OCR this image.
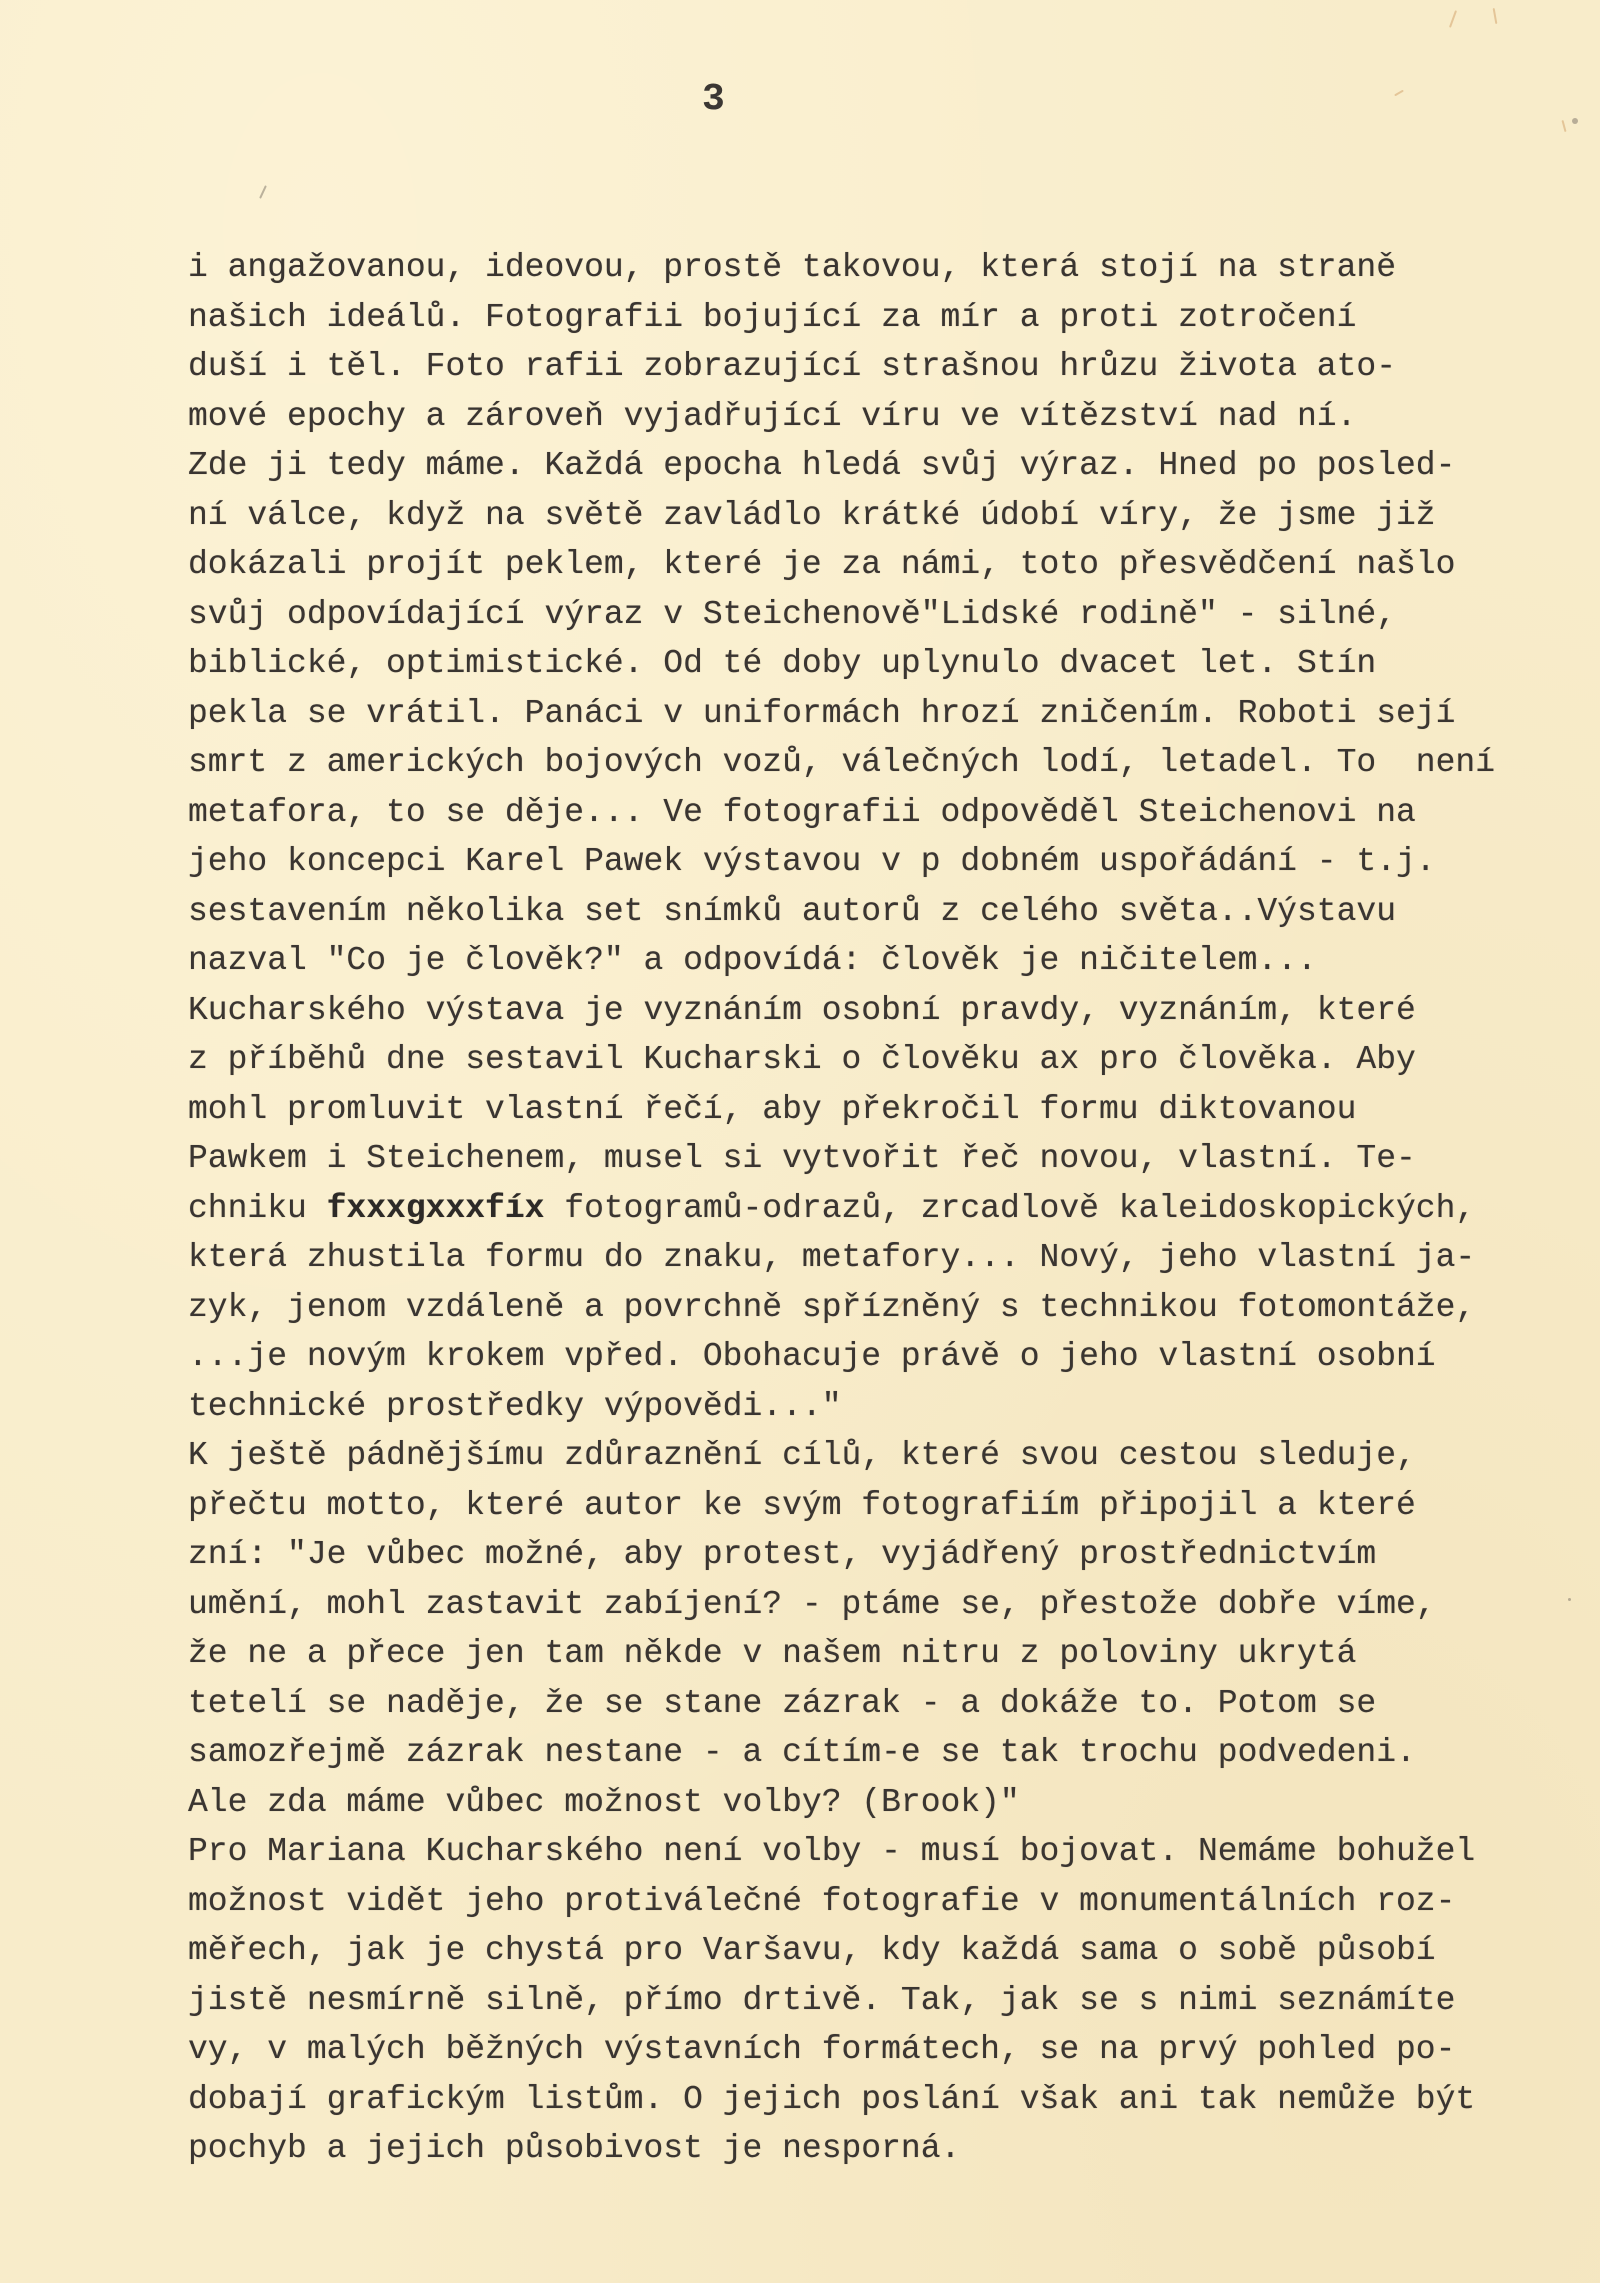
3
i angažovanou, ideovou, prostě takovou, která stojí na straně
našich ideálů. Fotografii bojující za mír a proti zotročení
duší i těl. Foto rafii zobrazující strašnou hrůzu života ato-
mové epochy a zároveň vyjadřující víru ve vítězství nad ní.
Zde ji tedy máme. Každá epocha hledá svůj výraz. Hned po posled-
ní válce, když na světě zavládlo krátké údobí víry, že jsme již
dokázali projít peklem, které je za námi, toto přesvědčení našlo
svůj odpovídající výraz v Steichenově"Lidské rodině" - silné,
biblické, optimistické. Od té doby uplynulo dvacet let. Stín
pekla se vrátil. Panáci v uniformách hrozí zničením. Roboti sejí
smrt z amerických bojových vozů, válečných lodí, letadel. To  není
metafora, to se děje... Ve fotografii odpověděl Steichenovi na
jeho koncepci Karel Pawek výstavou v p dobném uspořádání - t.j.
sestavením několika set snímků autorů z celého světa..Výstavu
nazval "Co je člověk?" a odpovídá: člověk je ničitelem...
Kucharského výstava je vyznáním osobní pravdy, vyznáním, které
z příběhů dne sestavil Kucharski o člověku ax pro člověka. Aby
mohl promluvit vlastní řečí, aby překročil formu diktovanou
Pawkem i Steichenem, musel si vytvořit řeč novou, vlastní. Te-
chniku fxxxgxxxfíx fotogramů-odrazů, zrcadlově kaleidoskopických,
která zhustila formu do znaku, metafory... Nový, jeho vlastní ja-
zyk, jenom vzdáleně a povrchně spřízněný s technikou fotomontáže,
...je novým krokem vpřed. Obohacuje právě o jeho vlastní osobní
technické prostředky výpovědi..."
K ještě pádnějšímu zdůraznění cílů, které svou cestou sleduje,
přečtu motto, které autor ke svým fotografiím připojil a které
zní: "Je vůbec možné, aby protest, vyjádřený prostřednictvím
umění, mohl zastavit zabíjení? - ptáme se, přestože dobře víme,
že ne a přece jen tam někde v našem nitru z poloviny ukrytá
tetelí se naděje, že se stane zázrak - a dokáže to. Potom se
samozřejmě zázrak nestane - a cítím-e se tak trochu podvedeni.
Ale zda máme vůbec možnost volby? (Brook)"
Pro Mariana Kucharského není volby - musí bojovat. Nemáme bohužel
možnost vidět jeho protiválečné fotografie v monumentálních roz-
měřech, jak je chystá pro Varšavu, kdy každá sama o sobě působí
jistě nesmírně silně, přímo drtivě. Tak, jak se s nimi seznámíte
vy, v malých běžných výstavních formátech, se na prvý pohled po-
dobají grafickým listům. O jejich poslání však ani tak nemůže být
pochyb a jejich působivost je nesporná.
